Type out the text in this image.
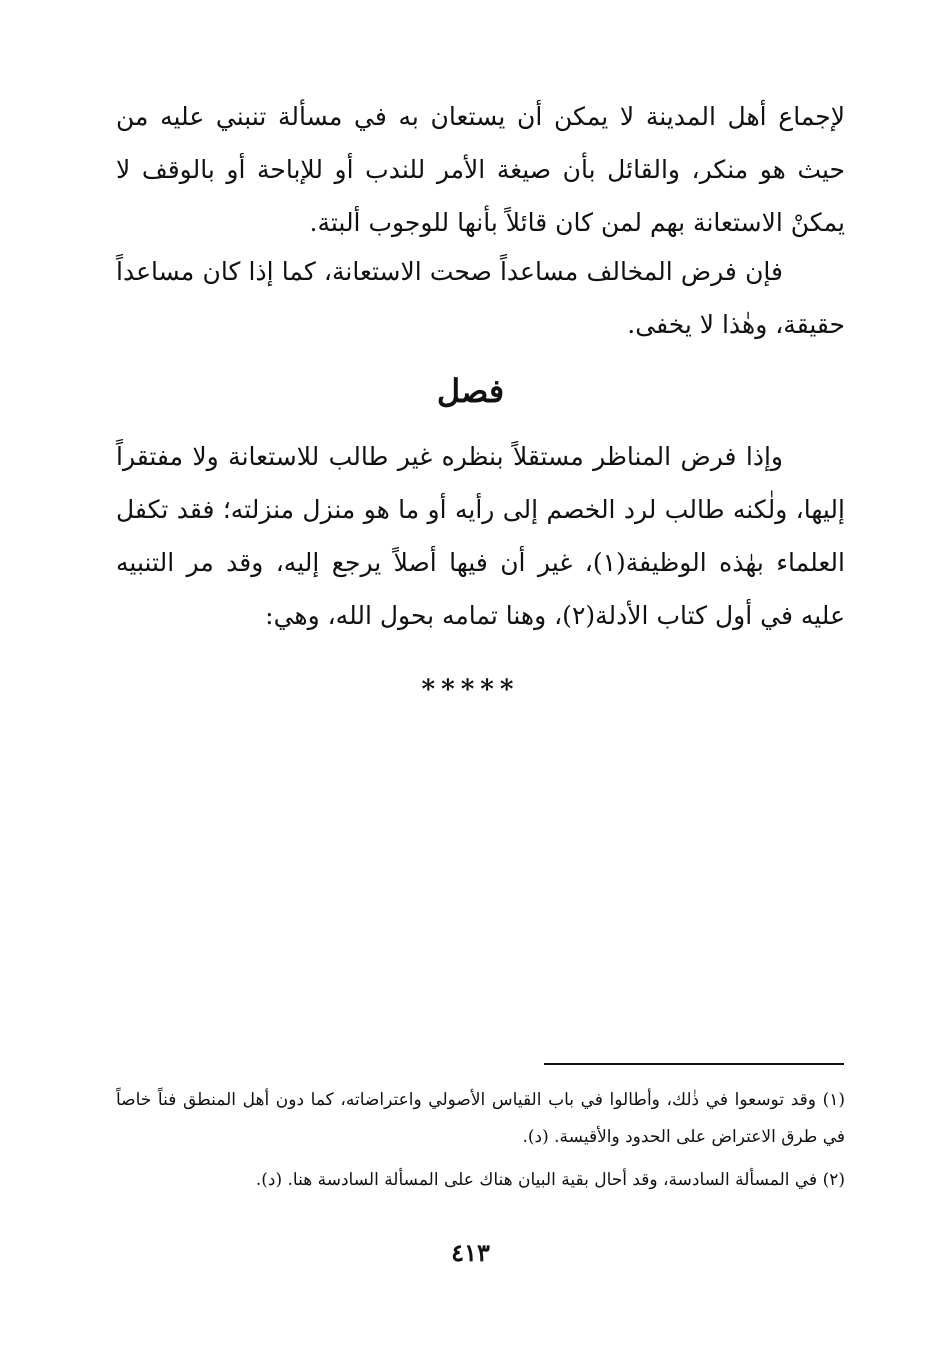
لإجماع أهل المدينة لا يمكن أن يستعان به في مسألة تنبني عليه من حيث هو منكر، والقائل بأن صيغة الأمر للندب أو للإباحة أو بالوقف لا يمكنْ الاستعانة بهم لمن كان قائلاً بأنها للوجوب ألبتة.

فإن فرض المخالف مساعداً صحت الاستعانة، كما إذا كان مساعداً حقيقة، وهٰذا لا يخفى.

فصل

وإذا فرض المناظر مستقلاً بنظره غير طالب للاستعانة ولا مفتقراً إليها، ولٰكنه طالب لرد الخصم إلى رأيه أو ما هو منزل منزلته؛ فقد تكفل العلماء بهٰذه الوظيفة(١)، غير أن فيها أصلاً يرجع إليه، وقد مر التنبيه عليه في أول كتاب الأدلة(٢)، وهنا تمامه بحول الله، وهي:

*****

(١) وقد توسعوا في ذٰلك، وأطالوا في باب القياس الأصولي واعتراضاته، كما دون أهل المنطق فناً خاصاً في طرق الاعتراض على الحدود والأقيسة. (د).

(٢) في المسألة السادسة، وقد أحال بقية البيان هناك على المسألة السادسة هنا. (د).

٤١٣
